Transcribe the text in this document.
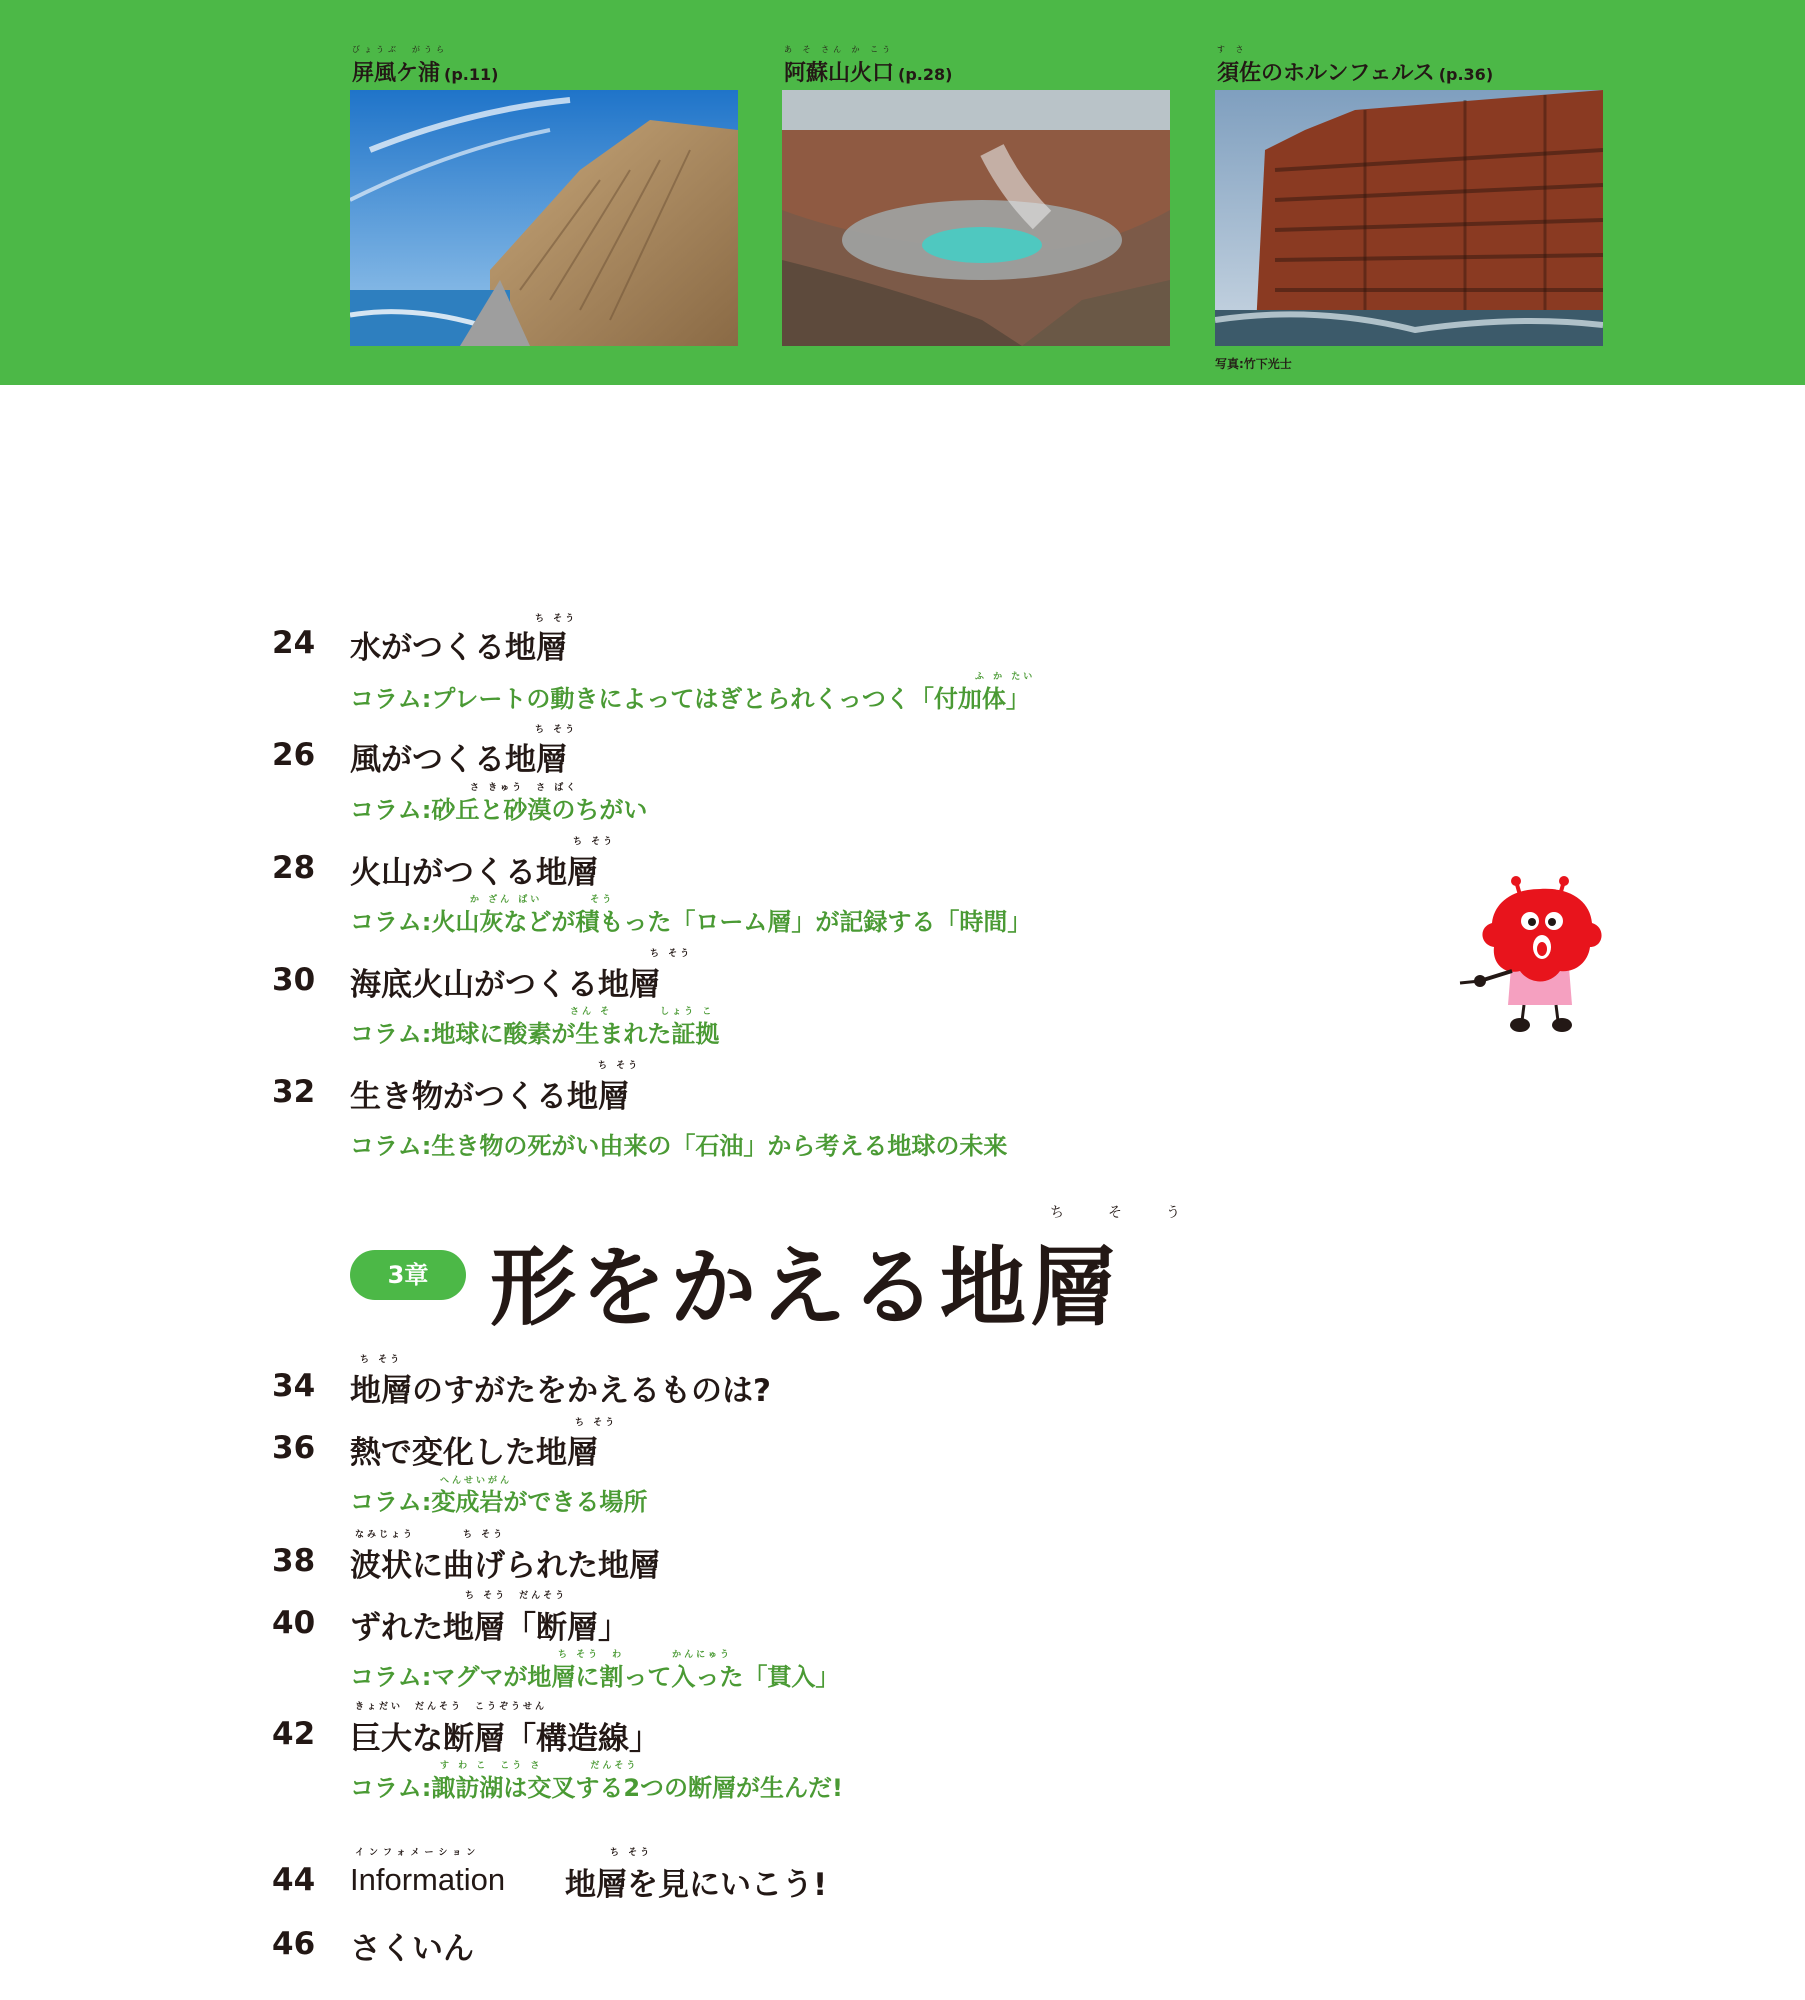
びょうぶ　がうら
屏風ケ浦 (p.11)
あ そ さん か こう
阿蘇山火口 (p.28)
す さ
須佐のホルンフェルス (p.36)
写真:竹下光士
ち そう
24 水がつくる地層
ふ か たい
コラム:プレートの動きによってはぎとられくっつく「付加体」
ち そう
26 風がつくる地層
さ きゅう　さ ばく
コラム:砂丘と砂漠のちがい
ち そう
28 火山がつくる地層
か ざん ばい　　　　そう
コラム:火山灰などが積もった「ローム層」が記録する「時間」
ち そう
30 海底火山がつくる地層
さん そ　　　　しょう こ
コラム:地球に酸素が生まれた証拠
ち そう
32 生き物がつくる地層
コラム:生き物の死がい由来の「石油」から考える地球の未来
3章
ちそう
形をかえる地層
ち そう
34 地層のすがたをかえるものは?
ち そう
36 熱で変化した地層
へんせいがん
コラム:変成岩ができる場所
なみじょう　　　　ち そう
38 波状に曲げられた地層
ち そう　だんそう
40 ずれた地層「断層」
ち そう　わ　　　　かんにゅう
コラム:マグマが地層に割って入った「貫入」
きょだい　だんそう　こうぞうせん
42 巨大な断層「構造線」
す わ こ　こう さ　　　　だんそう
コラム:諏訪湖は交叉する2つの断層が生んだ!
インフォメーション	ち そう
44 Information 地層を見にいこう!
46 さくいん
